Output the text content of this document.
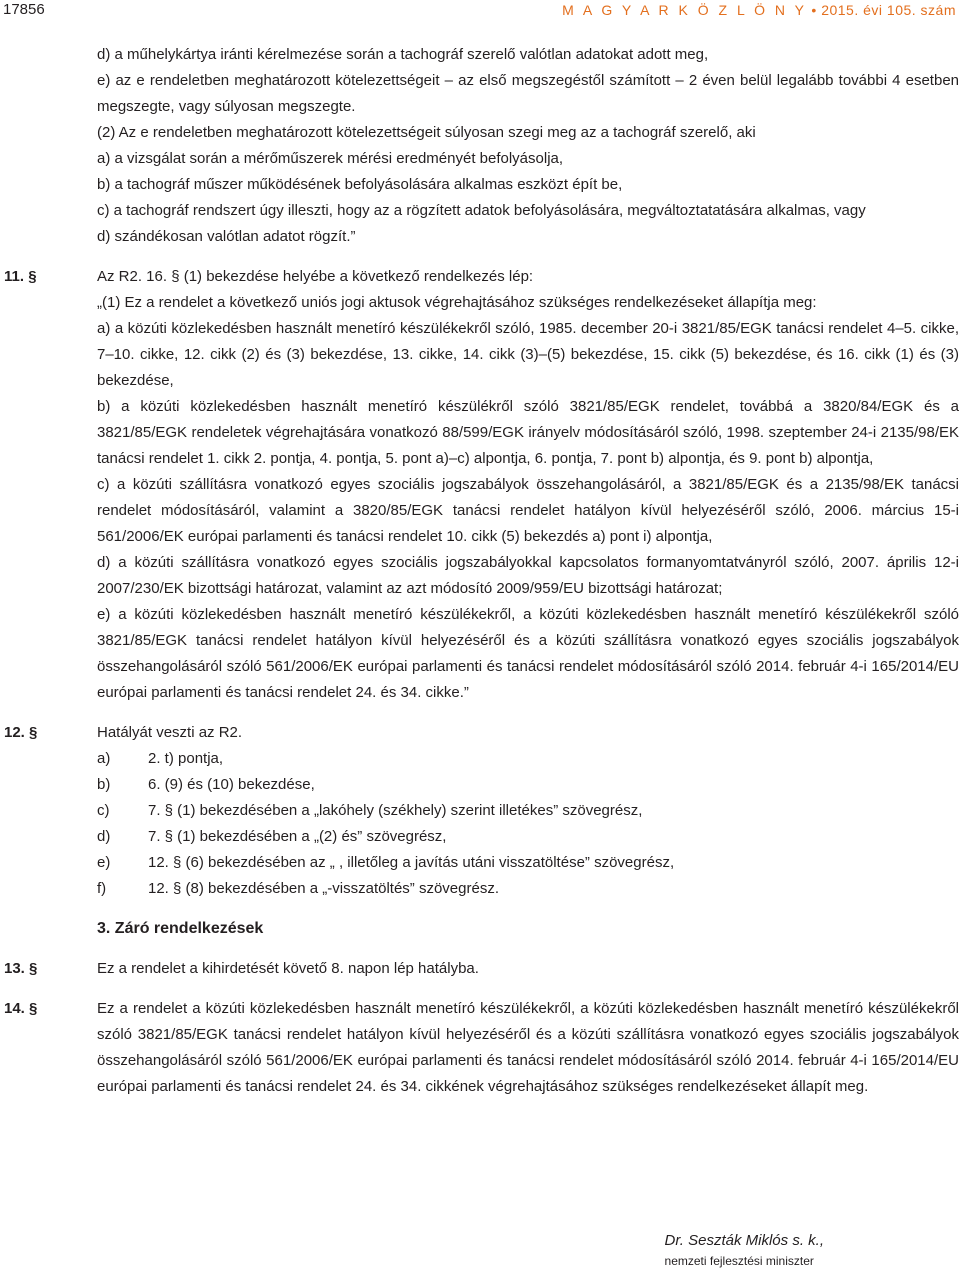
17856	M A G Y A R K Ö Z L Ö N Y • 2015. évi 105. szám

d) a műhelykártya iránti kérelmezése során a tachográf szerelő valótlan adatokat adott meg,

e) az e rendeletben meghatározott kötelezettségeit – az első megszegéstől számított – 2 éven belül legalább további 4 esetben megszegte, vagy súlyosan megszegte.

(2) Az e rendeletben meghatározott kötelezettségeit súlyosan szegi meg az a tachográf szerelő, aki

a) a vizsgálat során a mérőműszerek mérési eredményét befolyásolja,

b) a tachográf műszer működésének befolyásolására alkalmas eszközt épít be,

c) a tachográf rendszert úgy illeszti, hogy az a rögzített adatok befolyásolására, megváltoztatatására alkalmas, vagy

d) szándékosan valótlan adatot rögzít.”

11. §	Az R2. 16. § (1) bekezdése helyébe a következő rendelkezés lép:

„(1) Ez a rendelet a következő uniós jogi aktusok végrehajtásához szükséges rendelkezéseket állapítja meg:

a) a közúti közlekedésben használt menetíró készülékekről szóló, 1985. december 20-i 3821/85/EGK tanácsi rendelet 4–5. cikke, 7–10. cikke, 12. cikk (2) és (3) bekezdése, 13. cikke, 14. cikk (3)–(5) bekezdése, 15. cikk (5) bekezdése, és 16. cikk (1) és (3) bekezdése,

b) a közúti közlekedésben használt menetíró készülékről szóló 3821/85/EGK rendelet, továbbá a 3820/84/EGK és a 3821/85/EGK rendeletek végrehajtására vonatkozó 88/599/EGK irányelv módosításáról szóló, 1998. szeptember 24-i 2135/98/EK tanácsi rendelet 1. cikk 2. pontja, 4. pontja, 5. pont a)–c) alpontja, 6. pontja, 7. pont b) alpontja, és 9. pont b) alpontja,

c) a közúti szállításra vonatkozó egyes szociális jogszabályok összehangolásáról, a 3821/85/EGK és a 2135/98/EK tanácsi rendelet módosításáról, valamint a 3820/85/EGK tanácsi rendelet hatályon kívül helyezéséről szóló, 2006. március 15-i 561/2006/EK európai parlamenti és tanácsi rendelet 10. cikk (5) bekezdés a) pont i) alpontja,

d) a közúti szállításra vonatkozó egyes szociális jogszabályokkal kapcsolatos formanyomtatványról szóló, 2007. április 12-i 2007/230/EK bizottsági határozat, valamint az azt módosító 2009/959/EU bizottsági határozat;

e) a közúti közlekedésben használt menetíró készülékekről, a közúti közlekedésben használt menetíró készülékekről szóló 3821/85/EGK tanácsi rendelet hatályon kívül helyezéséről és a közúti szállításra vonatkozó egyes szociális jogszabályok összehangolásáról szóló 561/2006/EK európai parlamenti és tanácsi rendelet módosításáról szóló 2014. február 4-i 165/2014/EU európai parlamenti és tanácsi rendelet 24. és 34. cikke.”

12. §	Hatályát veszti az R2.

a)	2. t) pontja,
b)	6. (9) és (10) bekezdése,
c)	7. § (1) bekezdésében a „lakóhely (székhely) szerint illetékes” szövegrész,
d)	7. § (1) bekezdésében a „(2) és” szövegrész,
e)	12. § (6) bekezdésében az „ , illetőleg a javítás utáni visszatöltése” szövegrész,
f)	12. § (8) bekezdésében a „-visszatöltés” szövegrész.

3. Záró rendelkezések

13. §	Ez a rendelet a kihirdetését követő 8. napon lép hatályba.

14. §	Ez a rendelet a közúti közlekedésben használt menetíró készülékekről, a közúti közlekedésben használt menetíró készülékekről szóló 3821/85/EGK tanácsi rendelet hatályon kívül helyezéséről és a közúti szállításra vonatkozó egyes szociális jogszabályok összehangolásáról szóló 561/2006/EK európai parlamenti és tanácsi rendelet módosításáról szóló 2014. február 4-i 165/2014/EU európai parlamenti és tanácsi rendelet 24. és 34. cikkének végrehajtásához szükséges rendelkezéseket állapít meg.

Dr. Seszták Miklós s. k.,
nemzeti fejlesztési miniszter
